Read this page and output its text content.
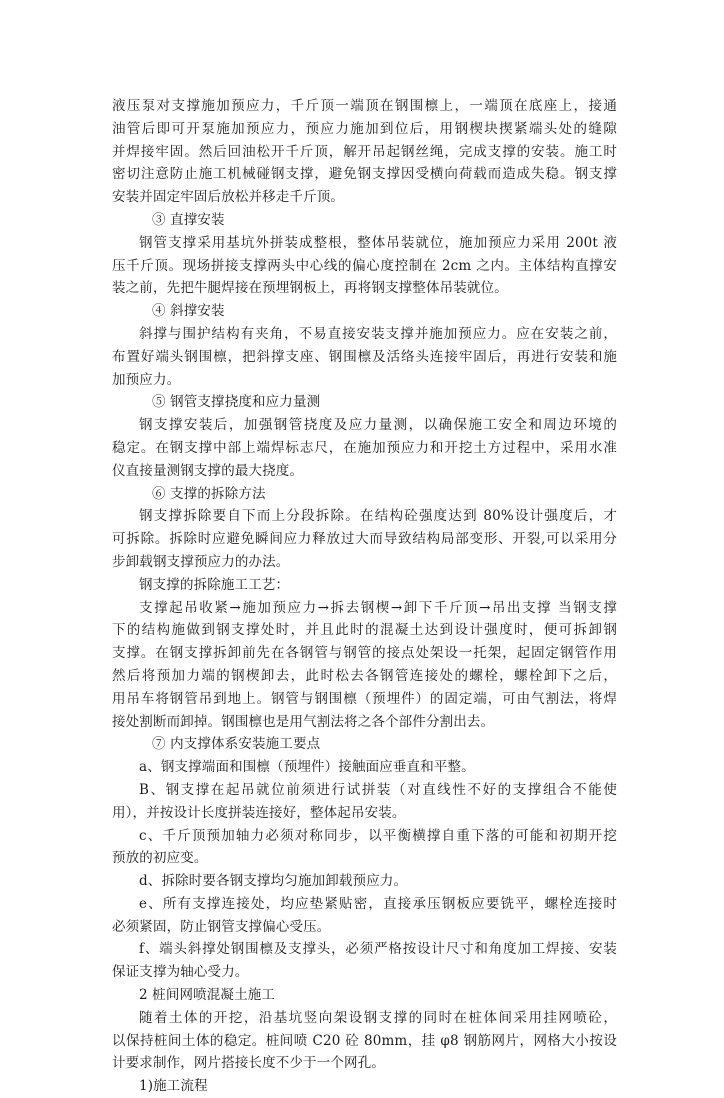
液压泵对支撑施加预应力，千斤顶一端顶在钢围檩上，一端顶在底座上，接通
油管后即可开泵施加预应力，预应力施加到位后，用钢楔块揳紧端头处的缝隙
并焊接牢固。然后回油松开千斤顶，解开吊起钢丝绳，完成支撑的安装。施工时
密切注意防止施工机械碰钢支撑，避免钢支撑因受横向荷载而造成失稳。钢支撑
安装并固定牢固后放松并移走千斤顶。
③ 直撑安装
钢管支撑采用基坑外拼装成整根，整体吊装就位，施加预应力采用 200t 液
压千斤顶。现场拼接支撑两头中心线的偏心度控制在 2cm 之内。主体结构直撑安
装之前，先把牛腿焊接在预埋钢板上，再将钢支撑整体吊装就位。
④ 斜撑安装
斜撑与围护结构有夹角，不易直接安装支撑并施加预应力。应在安装之前，
布置好端头钢围檩，把斜撑支座、钢围檩及活络头连接牢固后，再进行安装和施
加预应力。
⑤ 钢管支撑挠度和应力量测
钢支撑安装后，加强钢管挠度及应力量测，以确保施工安全和周边环境的
稳定。在钢支撑中部上端焊标志尺，在施加预应力和开挖土方过程中，采用水准
仪直接量测钢支撑的最大挠度。
⑥ 支撑的拆除方法
钢支撑拆除要自下而上分段拆除。在结构砼强度达到 80%设计强度后，才
可拆除。拆除时应避免瞬间应力释放过大而导致结构局部变形、开裂,可以采用分
步卸载钢支撑预应力的办法。
钢支撑的拆除施工工艺：
支撑起吊收紧→施加预应力→拆去钢楔→卸下千斤顶→吊出支撑 当钢支撑
下的结构施做到钢支撑处时，并且此时的混凝土达到设计强度时，便可拆卸钢
支撑。在钢支撑拆卸前先在各钢管与钢管的接点处架设一托架，起固定钢管作用
然后将预加力端的钢楔卸去，此时松去各钢管连接处的螺栓，螺栓卸下之后，
用吊车将钢管吊到地上。钢管与钢围檩（预埋件）的固定端，可由气割法，将焊
接处割断而卸掉。钢围檩也是用气割法将之各个部件分割出去。
⑦ 内支撑体系安装施工要点
a、钢支撑端面和围檩（预埋件）接触面应垂直和平整。
B、钢支撑在起吊就位前须进行试拼装（对直线性不好的支撑组合不能使
用），并按设计长度拼装连接好，整体起吊安装。
c、千斤顶预加轴力必须对称同步，以平衡横撑自重下落的可能和初期开挖
预放的初应变。
d、拆除时要各钢支撑均匀施加卸载预应力。
e、所有支撑连接处，均应垫紧贴密，直接承压钢板应要铣平，螺栓连接时
必须紧固，防止钢管支撑偏心受压。
f、端头斜撑处钢围檩及支撑头，必须严格按设计尺寸和角度加工焊接、安装
保证支撑为轴心受力。
2 桩间网喷混凝土施工
随着土体的开挖，沿基坑竖向架设钢支撑的同时在桩体间采用挂网喷砼，
以保持桩间土体的稳定。桩间喷 C20 砼 80mm，挂 φ8 钢筋网片，网格大小按设
计要求制作，网片搭接长度不少于一个网孔。
1)施工流程
